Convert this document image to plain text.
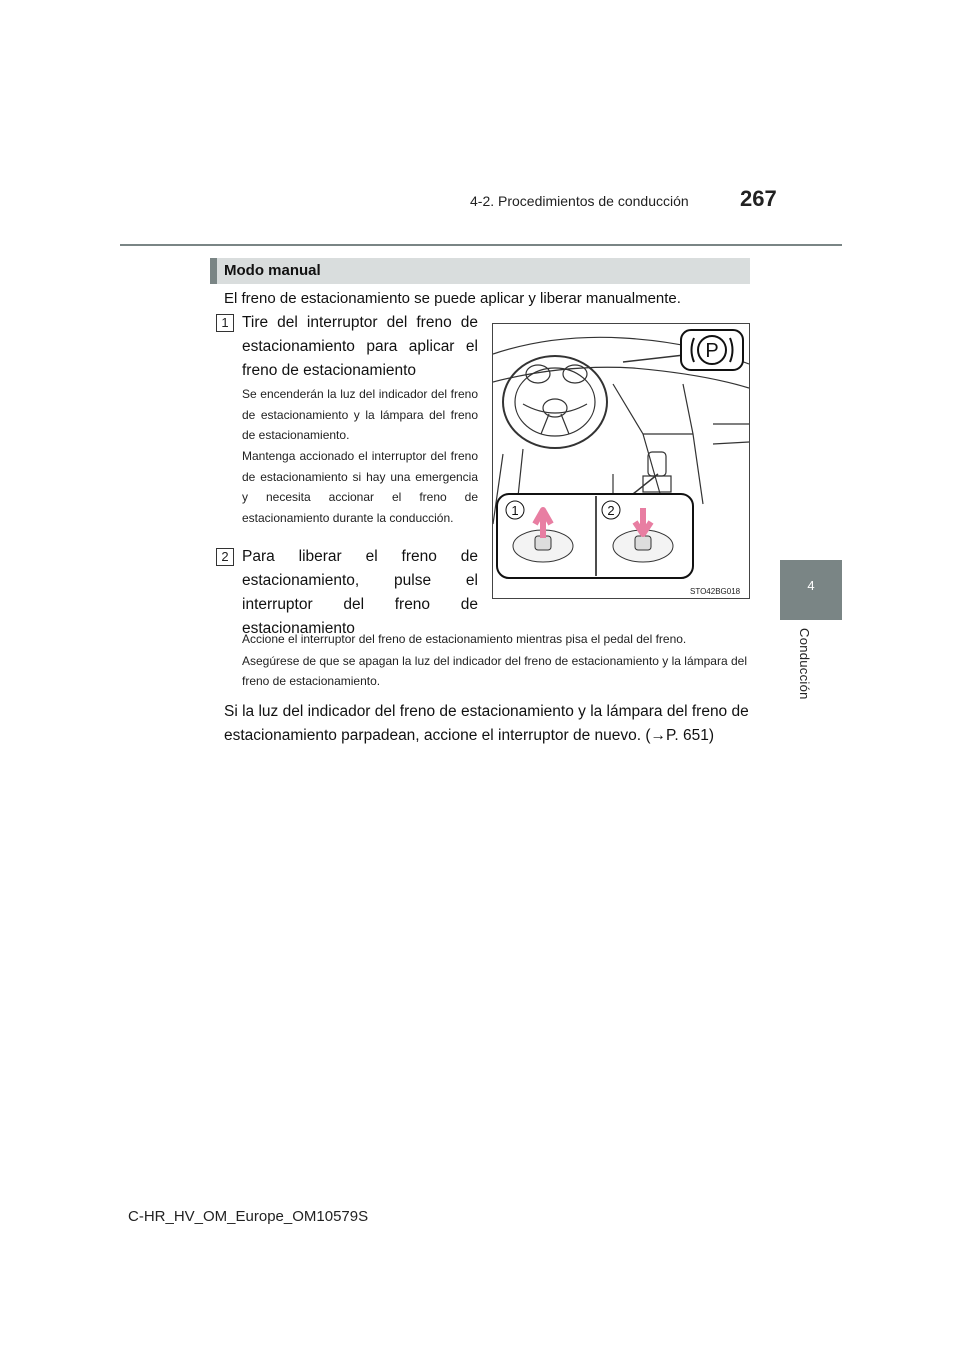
4-2. Procedimientos de conducción 267
4
Conducción
Modo manual
El freno de estacionamiento se puede aplicar y liberar manualmente.
1 Tire del interruptor del freno de estacionamiento para aplicar el freno de estacionamiento
Se encenderán la luz del indicador del freno de estacionamiento y la lámpara del freno de estacionamiento.
Mantenga accionado el interruptor del freno de estacionamiento si hay una emergencia y necesita accionar el freno de estacionamiento durante la conducción.
2 Para liberar el freno de estacionamiento, pulse el interruptor del freno de estacionamiento

Accione el interruptor del freno de estacionamiento mientras pisa el pedal del freno.

Asegúrese de que se apagan la luz del indicador del freno de estacionamiento y la lámpara del freno de estacionamiento.

Si la luz del indicador del freno de estacionamiento y la lámpara del freno de estacionamiento parpadean, accione el interruptor de nuevo. (→P. 651)
P
1	2
STO42BG018
C-HR_HV_OM_Europe_OM10579S
